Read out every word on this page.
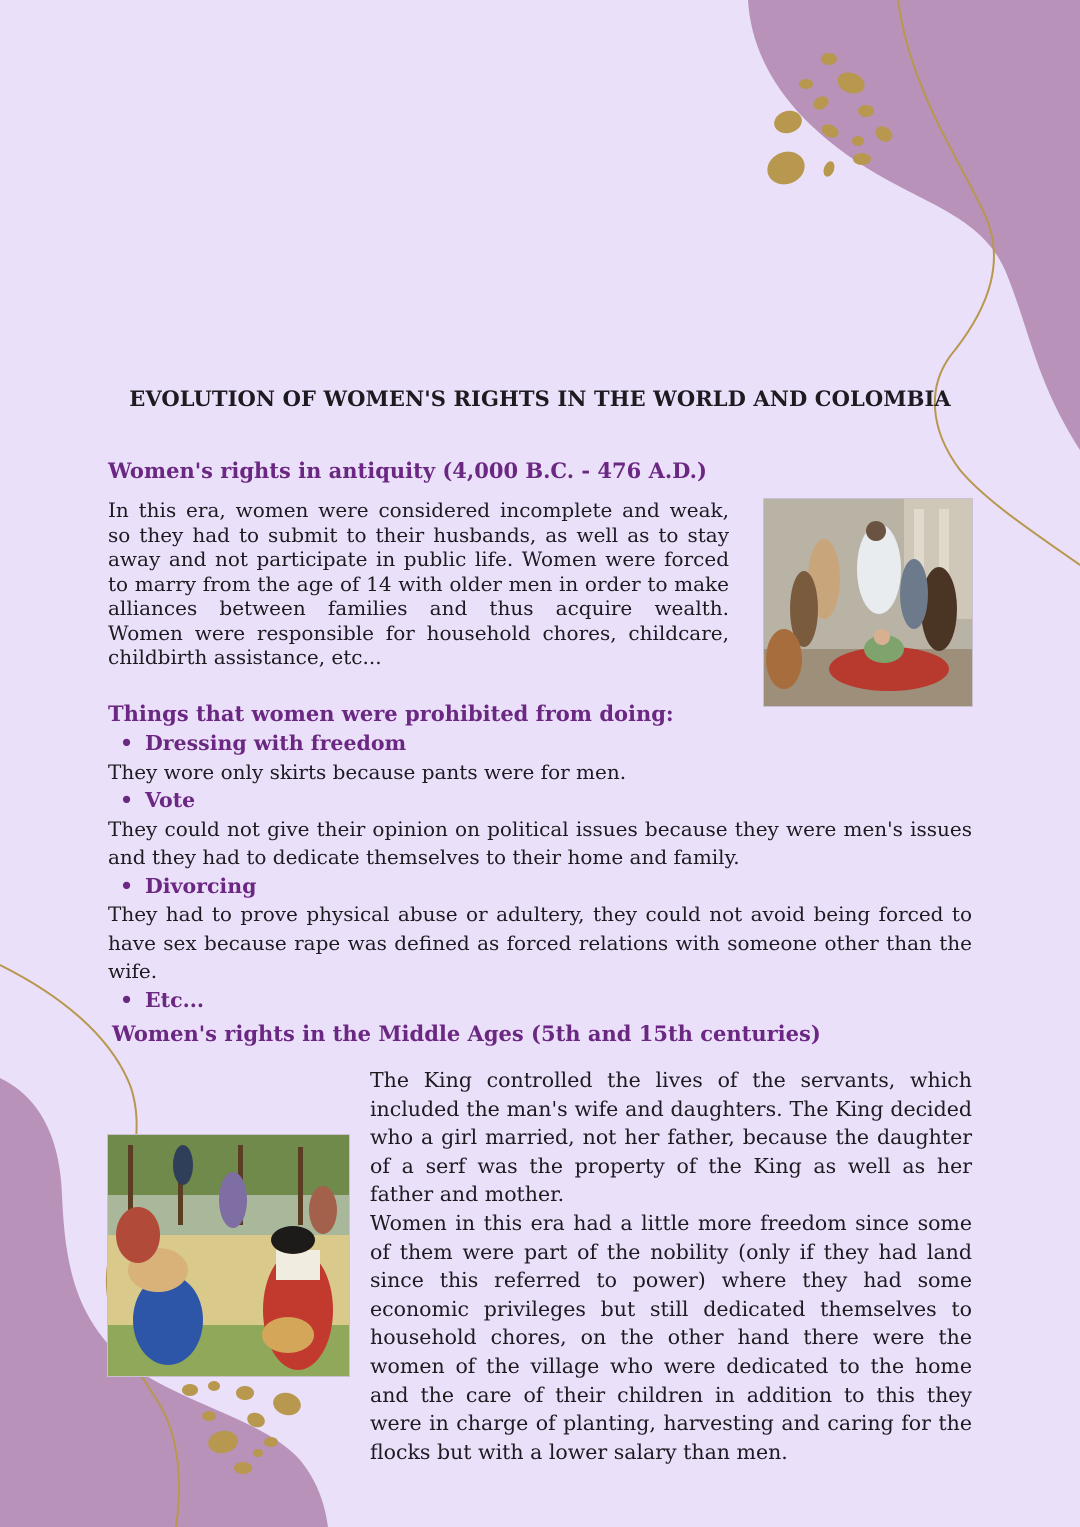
EVOLUTION OF WOMEN'S RIGHTS IN THE WORLD AND COLOMBIA
Women's rights in antiquity (4,000 B.C. - 476 A.D.)

In this era, women were considered incomplete and weak, so they had to submit to their husbands, as well as to stay away and not participate in public life. Women were forced to marry from the age of 14 with older men in order to make alliances between families and thus acquire wealth.

Women were responsible for household chores, childcare, childbirth assistance, etc...

Things that women were prohibited from doing:
• Dressing with freedom

They wore only skirts because pants were for men.

• Vote

They could not give their opinion on political issues because they were men's issues and they had to dedicate themselves to their home and family.

• Divorcing

They had to prove physical abuse or adultery, they could not avoid being forced to have sex because rape was defined as forced relations with someone other than the wife.

• Etc...
Women's rights in the Middle Ages (5th and 15th centuries)

The King controlled the lives of the servants, which included the man's wife and daughters. The King decided who a girl married, not her father, because the daughter of a serf was the property of the King as well as her father and mother.

Women in this era had a little more freedom since some of them were part of the nobility (only if they had land since this referred to power) where they had some economic privileges but still dedicated themselves to household chores, on the other hand there were the women of the village who were dedicated to the home and the care of their children in addition to this they were in charge of planting, harvesting and caring for the flocks but with a lower salary than men.
